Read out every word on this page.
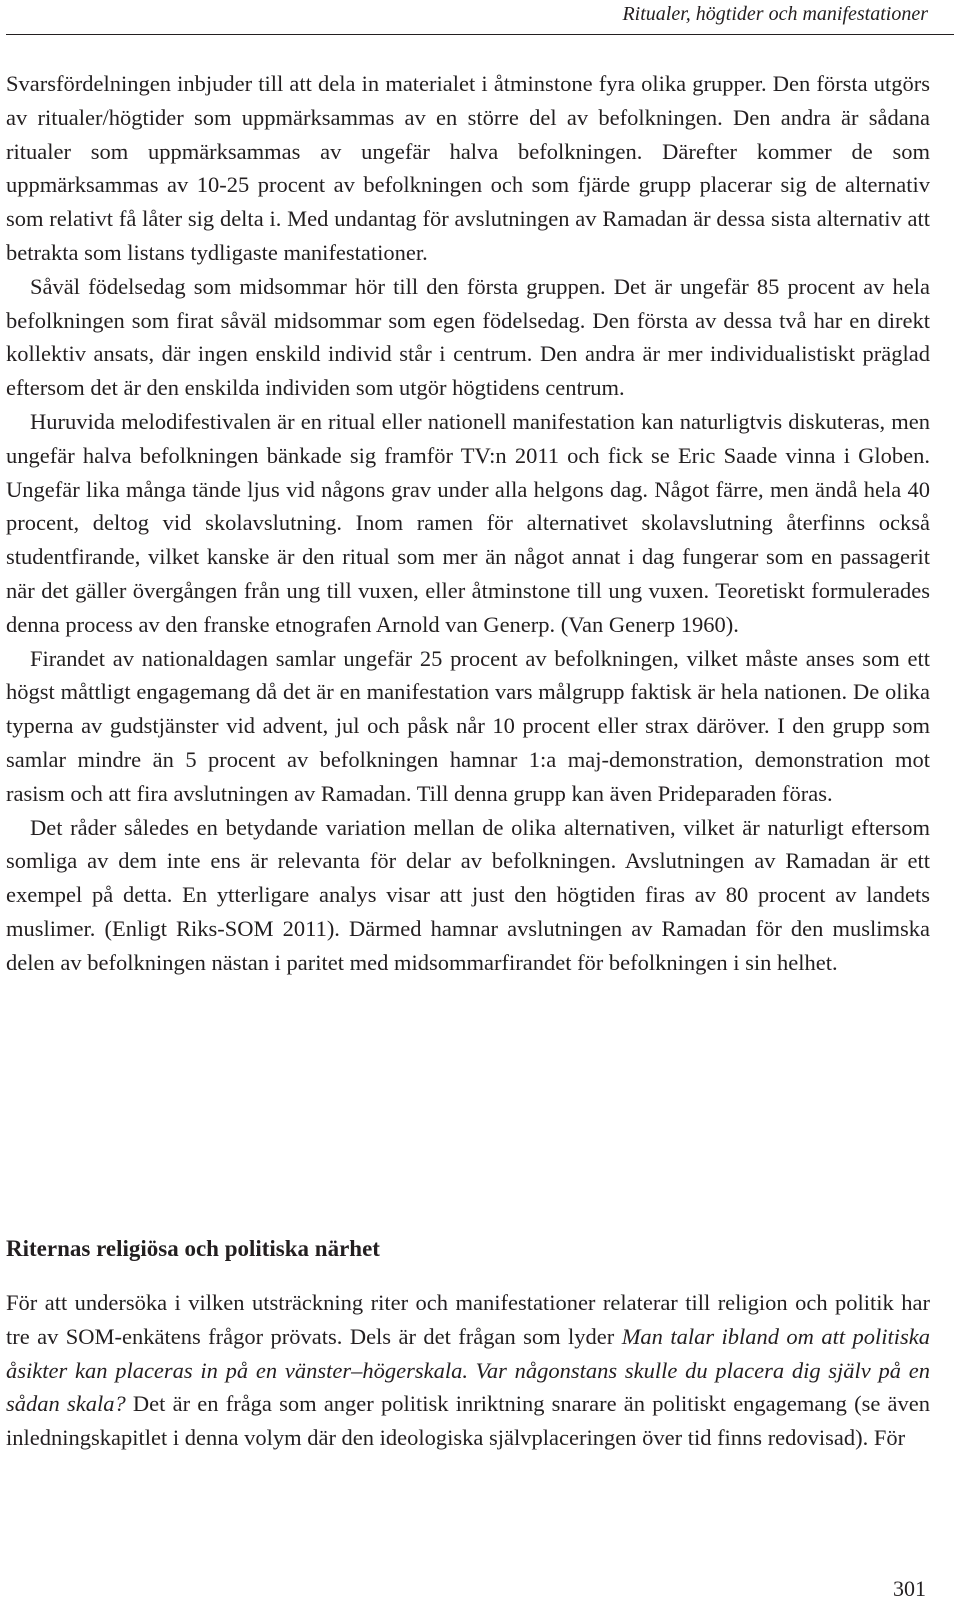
Ritualer, högtider och manifestationer

Svarsfördelningen inbjuder till att dela in materialet i åtminstone fyra olika grupper. Den första utgörs av ritualer/högtider som uppmärksammas av en större del av befolkningen. Den andra är sådana ritualer som uppmärksammas av ungefär halva befolkningen. Därefter kommer de som uppmärksammas av 10-25 procent av befolkningen och som fjärde grupp placerar sig de alternativ som relativt få låter sig delta i. Med undantag för avslutningen av Ramadan är dessa sista alternativ att betrakta som listans tydligaste manifestationer.

Såväl födelsedag som midsommar hör till den första gruppen. Det är ungefär 85 procent av hela befolkningen som firat såväl midsommar som egen födelsedag. Den första av dessa två har en direkt kollektiv ansats, där ingen enskild individ står i centrum. Den andra är mer individualistiskt präglad eftersom det är den enskilda individen som utgör högtidens centrum.

Huruvida melodifestivalen är en ritual eller nationell manifestation kan naturligtvis diskuteras, men ungefär halva befolkningen bänkade sig framför TV:n 2011 och fick se Eric Saade vinna i Globen. Ungefär lika många tände ljus vid någons grav under alla helgons dag. Något färre, men ändå hela 40 procent, deltog vid skolavslutning. Inom ramen för alternativet skolavslutning återfinns också studentfirande, vilket kanske är den ritual som mer än något annat i dag fungerar som en passagerit när det gäller övergången från ung till vuxen, eller åtminstone till ung vuxen. Teoretiskt formulerades denna process av den franske etnografen Arnold van Generp. (Van Generp 1960).

Firandet av nationaldagen samlar ungefär 25 procent av befolkningen, vilket måste anses som ett högst måttligt engagemang då det är en manifestation vars målgrupp faktisk är hela nationen. De olika typerna av gudstjänster vid advent, jul och påsk når 10 procent eller strax däröver. I den grupp som samlar mindre än 5 procent av befolkningen hamnar 1:a maj-demonstration, demonstration mot rasism och att fira avslutningen av Ramadan. Till denna grupp kan även Prideparaden föras.

Det råder således en betydande variation mellan de olika alternativen, vilket är naturligt eftersom somliga av dem inte ens är relevanta för delar av befolkningen. Avslutningen av Ramadan är ett exempel på detta. En ytterligare analys visar att just den högtiden firas av 80 procent av landets muslimer. (Enligt Riks-SOM 2011). Därmed hamnar avslutningen av Ramadan för den muslimska delen av befolkningen nästan i paritet med midsommarfirandet för befolkningen i sin helhet.

Riternas religiösa och politiska närhet

För att undersöka i vilken utsträckning riter och manifestationer relaterar till religion och politik har tre av SOM-enkätens frågor prövats. Dels är det frågan som lyder Man talar ibland om att politiska åsikter kan placeras in på en vänster–högerskala. Var någonstans skulle du placera dig själv på en sådan skala? Det är en fråga som anger politisk inriktning snarare än politiskt engagemang (se även inledningskapitlet i denna volym där den ideologiska självplaceringen över tid finns redovisad). För

301
